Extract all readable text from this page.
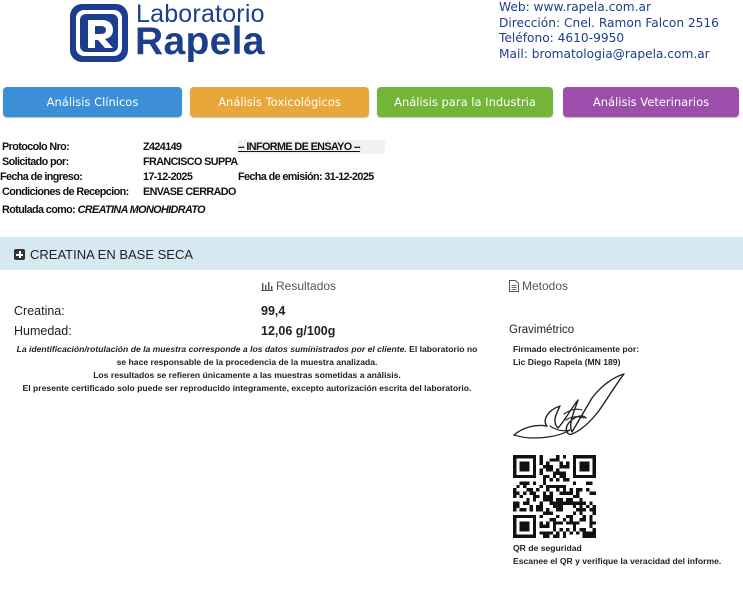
Laboratorio
Rapela
Web: www.rapela.com.ar
Dirección: Cnel. Ramon Falcon 2516
Teléfono: 4610-9950
Mail: bromatologia@rapela.com.ar
Análisis Clínicos	Análisis Toxicológicos	Análisis para la Industria	Análisis Veterinarios
Protocolo Nro:	Z424149	-- INFORME DE ENSAYO --
Solicitado por:	FRANCISCO SUPPA
Fecha de ingreso:	17-12-2025	Fecha de emisión: 31-12-2025
Condiciones de Recepcion: ENVASE CERRADO
Rotulada como: CREATINA MONOHIDRATO
CREATINA EN BASE SECA
Resultados	Metodos
Creatina:	99,4
Humedad:	12,06 g/100g	Gravimétrico
La identificación/rotulación de la muestra corresponde a los datos suministrados por el cliente. El laboratorio no se hace responsable de la procedencia de la muestra analizada.
Los resultados se refieren únicamente a las muestras sometidas a análisis.
El presente certificado solo puede ser reproducido integramente, excepto autorización escrita del laboratorio.
Firmado electrónicamente por:
Lic Diego Rapela (MN 189)
QR de seguridad
Escanee el QR y verifique la veracidad del informe.
